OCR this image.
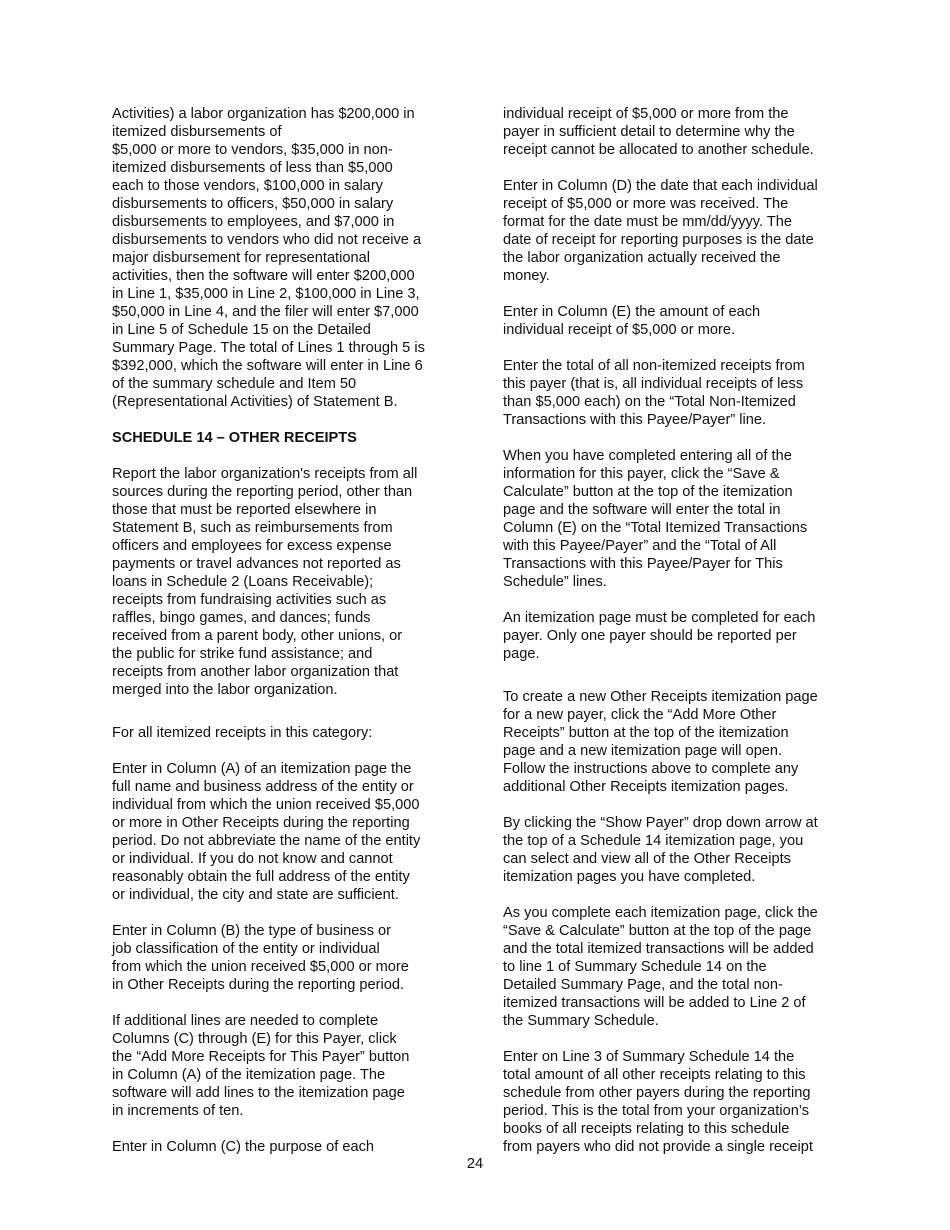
Activities) a labor organization has $200,000 in
itemized disbursements of
$5,000 or more to vendors, $35,000 in non-
itemized disbursements of less than $5,000
each to those vendors, $100,000 in salary
disbursements to officers, $50,000 in salary
disbursements to employees, and $7,000 in
disbursements to vendors who did not receive a
major disbursement for representational
activities, then the software will enter $200,000
in Line 1, $35,000 in Line 2, $100,000 in Line 3,
$50,000 in Line 4, and the filer will enter $7,000
in Line 5 of Schedule 15 on the Detailed
Summary Page. The total of Lines 1 through 5 is
$392,000, which the software will enter in Line 6
of the summary schedule and Item 50
(Representational Activities) of Statement B.

SCHEDULE 14 – OTHER RECEIPTS

Report the labor organization's receipts from all
sources during the reporting period, other than
those that must be reported elsewhere in
Statement B, such as reimbursements from
officers and employees for excess expense
payments or travel advances not reported as
loans in Schedule 2 (Loans Receivable);
receipts from fundraising activities such as
raffles, bingo games, and dances; funds
received from a parent body, other unions, or
the public for strike fund assistance; and
receipts from another labor organization that
merged into the labor organization.

For all itemized receipts in this category:

Enter in Column (A) of an itemization page the
full name and business address of the entity or
individual from which the union received $5,000
or more in Other Receipts during the reporting
period. Do not abbreviate the name of the entity
or individual. If you do not know and cannot
reasonably obtain the full address of the entity
or individual, the city and state are sufficient.

Enter in Column (B) the type of business or
job classification of the entity or individual
from which the union received $5,000 or more
in Other Receipts during the reporting period.

If additional lines are needed to complete
Columns (C) through (E) for this Payer, click
the “Add More Receipts for This Payer” button
in Column (A) of the itemization page. The
software will add lines to the itemization page
in increments of ten.

Enter in Column (C) the purpose of each

individual receipt of $5,000 or more from the
payer in sufficient detail to determine why the
receipt cannot be allocated to another schedule.

Enter in Column (D) the date that each individual
receipt of $5,000 or more was received. The
format for the date must be mm/dd/yyyy. The
date of receipt for reporting purposes is the date
the labor organization actually received the
money.

Enter in Column (E) the amount of each
individual receipt of $5,000 or more.

Enter the total of all non-itemized receipts from
this payer (that is, all individual receipts of less
than $5,000 each) on the “Total Non-Itemized
Transactions with this Payee/Payer” line.

When you have completed entering all of the
information for this payer, click the “Save &
Calculate” button at the top of the itemization
page and the software will enter the total in
Column (E) on the “Total Itemized Transactions
with this Payee/Payer” and the “Total of All
Transactions with this Payee/Payer for This
Schedule” lines.

An itemization page must be completed for each
payer. Only one payer should be reported per
page.

To create a new Other Receipts itemization page
for a new payer, click the “Add More Other
Receipts” button at the top of the itemization
page and a new itemization page will open.
Follow the instructions above to complete any
additional Other Receipts itemization pages.

By clicking the “Show Payer” drop down arrow at
the top of a Schedule 14 itemization page, you
can select and view all of the Other Receipts
itemization pages you have completed.

As you complete each itemization page, click the
“Save & Calculate” button at the top of the page
and the total itemized transactions will be added
to line 1 of Summary Schedule 14 on the
Detailed Summary Page, and the total non-
itemized transactions will be added to Line 2 of
the Summary Schedule.

Enter on Line 3 of Summary Schedule 14 the
total amount of all other receipts relating to this
schedule from other payers during the reporting
period. This is the total from your organization’s
books of all receipts relating to this schedule
from payers who did not provide a single receipt

24
